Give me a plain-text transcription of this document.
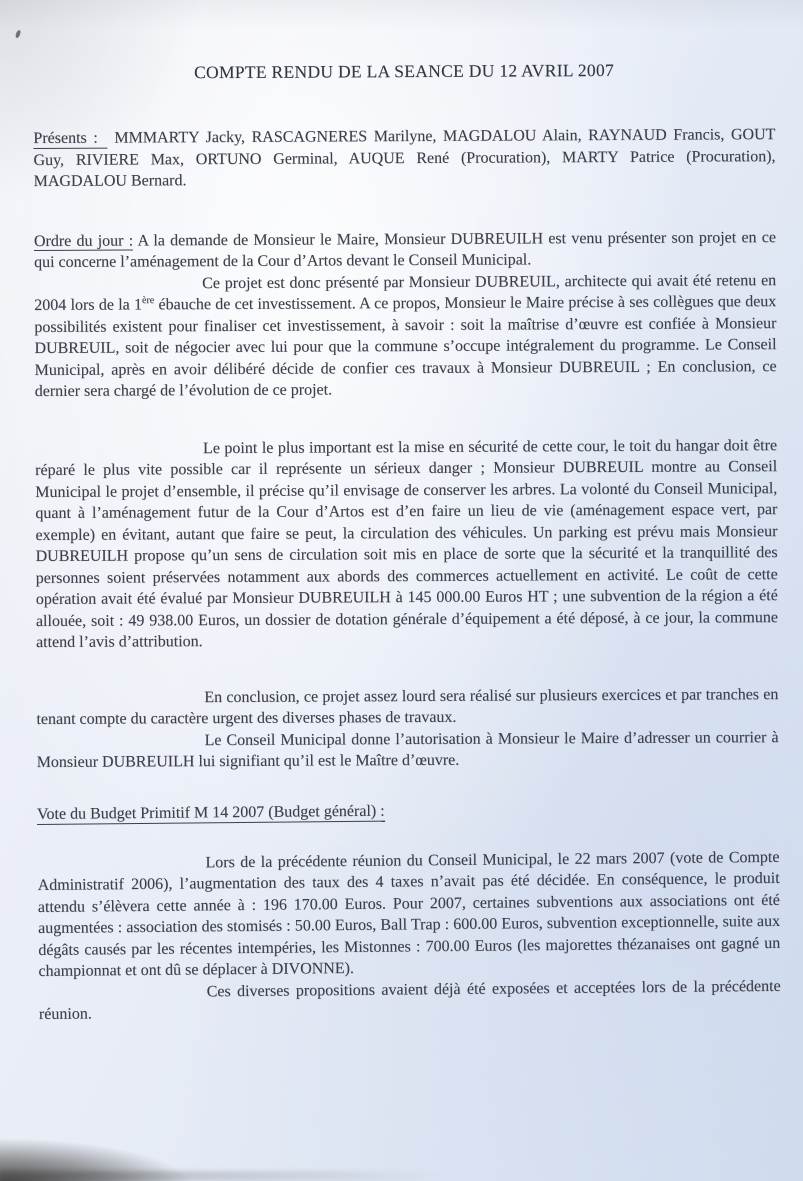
COMPTE RENDU DE LA SEANCE DU 12 AVRIL 2007

Présents : MMMARTY Jacky, RASCAGNERES Marilyne, MAGDALOU Alain, RAYNAUD Francis, GOUT Guy, RIVIERE Max, ORTUNO Germinal, AUQUE René (Procuration), MARTY Patrice (Procuration), MAGDALOU Bernard.

Ordre du jour : A la demande de Monsieur le Maire, Monsieur DUBREUILH est venu présenter son projet en ce qui concerne l’aménagement de la Cour d’Artos devant le Conseil Municipal.

Ce projet est donc présenté par Monsieur DUBREUIL, architecte qui avait été retenu en 2004 lors de la 1ère ébauche de cet investissement. A ce propos, Monsieur le Maire précise à ses collègues que deux possibilités existent pour finaliser cet investissement, à savoir : soit la maîtrise d’œuvre est confiée à Monsieur DUBREUIL, soit de négocier avec lui pour que la commune s’occupe intégralement du programme. Le Conseil Municipal, après en avoir délibéré décide de confier ces travaux à Monsieur DUBREUIL ; En conclusion, ce dernier sera chargé de l’évolution de ce projet.

Le point le plus important est la mise en sécurité de cette cour, le toit du hangar doit être réparé le plus vite possible car il représente un sérieux danger ; Monsieur DUBREUIL montre au Conseil Municipal le projet d’ensemble, il précise qu’il envisage de conserver les arbres. La volonté du Conseil Municipal, quant à l’aménagement futur de la Cour d’Artos est d’en faire un lieu de vie (aménagement espace vert, par exemple) en évitant, autant que faire se peut, la circulation des véhicules. Un parking est prévu mais Monsieur DUBREUILH propose qu’un sens de circulation soit mis en place de sorte que la sécurité et la tranquillité des personnes soient préservées notamment aux abords des commerces actuellement en activité. Le coût de cette opération avait été évalué par Monsieur DUBREUILH à 145 000.00 Euros HT ; une subvention de la région a été allouée, soit : 49 938.00 Euros, un dossier de dotation générale d’équipement a été déposé, à ce jour, la commune attend l’avis d’attribution.

En conclusion, ce projet assez lourd sera réalisé sur plusieurs exercices et par tranches en tenant compte du caractère urgent des diverses phases de travaux.

Le Conseil Municipal donne l’autorisation à Monsieur le Maire d’adresser un courrier à Monsieur DUBREUILH lui signifiant qu’il est le Maître d’œuvre.

Vote du Budget Primitif M 14 2007 (Budget général) :

Lors de la précédente réunion du Conseil Municipal, le 22 mars 2007 (vote de Compte Administratif 2006), l’augmentation des taux des 4 taxes n’avait pas été décidée. En conséquence, le produit attendu s’élèvera cette année à : 196 170.00 Euros. Pour 2007, certaines subventions aux associations ont été augmentées : association des stomisés : 50.00 Euros, Ball Trap : 600.00 Euros, subvention exceptionnelle, suite aux dégâts causés par les récentes intempéries, les Mistonnes : 700.00 Euros (les majorettes thézanaises ont gagné un championnat et ont dû se déplacer à DIVONNE).

Ces diverses propositions avaient déjà été exposées et acceptées lors de la précédente réunion.
